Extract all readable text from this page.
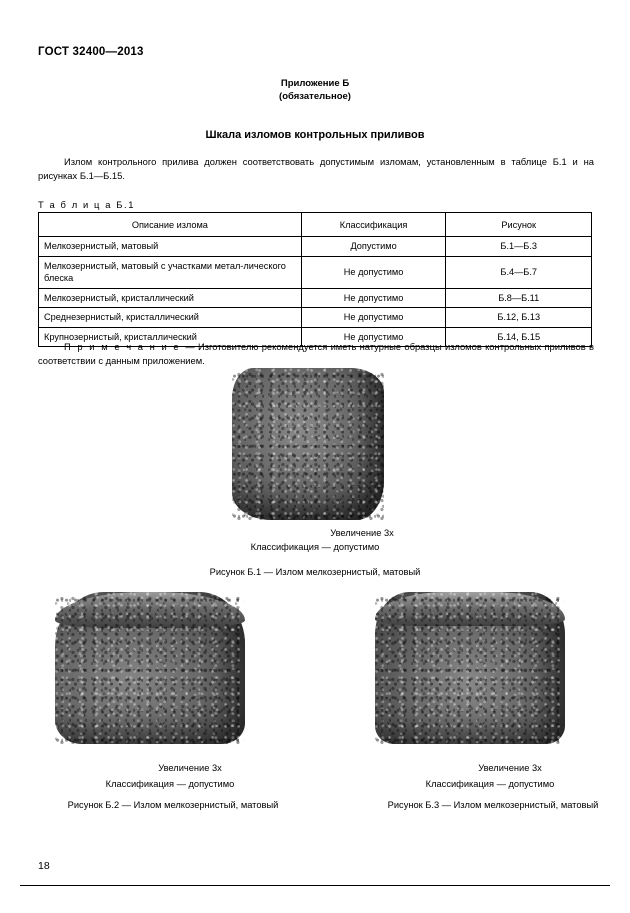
ГОСТ 32400—2013
Приложение Б
(обязательное)
Шкала изломов контрольных приливов
Излом контрольного прилива должен соответствовать допустимым изломам, установленным в таблице Б.1 и на рисунках Б.1—Б.15.
Т а б л и ц а Б.1
Описание излома	Классификация	Рисунок
Мелкозернистый, матовый	Допустимо	Б.1—Б.3
Мелкозернистый, матовый с участками метал-лического блеска	Не допустимо	Б.4—Б.7
Мелкозернистый, кристаллический	Не допустимо	Б.8—Б.11
Среднезернистый, кристаллический	Не допустимо	Б.12, Б.13
Крупнозернистый, кристаллический	Не допустимо	Б.14, Б.15
П р и м е ч а н и е — Изготовителю рекомендуется иметь натурные образцы изломов контрольных приливов в соответствии с данным приложением.
Увеличение 3х
Классификация — допустимо
Рисунок Б.1 — Излом мелкозернистый, матовый
Увеличение 3х
Классификация — допустимо
Рисунок Б.2 — Излом мелкозернистый, матовый
Увеличение 3х
Классификация — допустимо
Рисунок Б.3 — Излом мелкозернистый, матовый
18
